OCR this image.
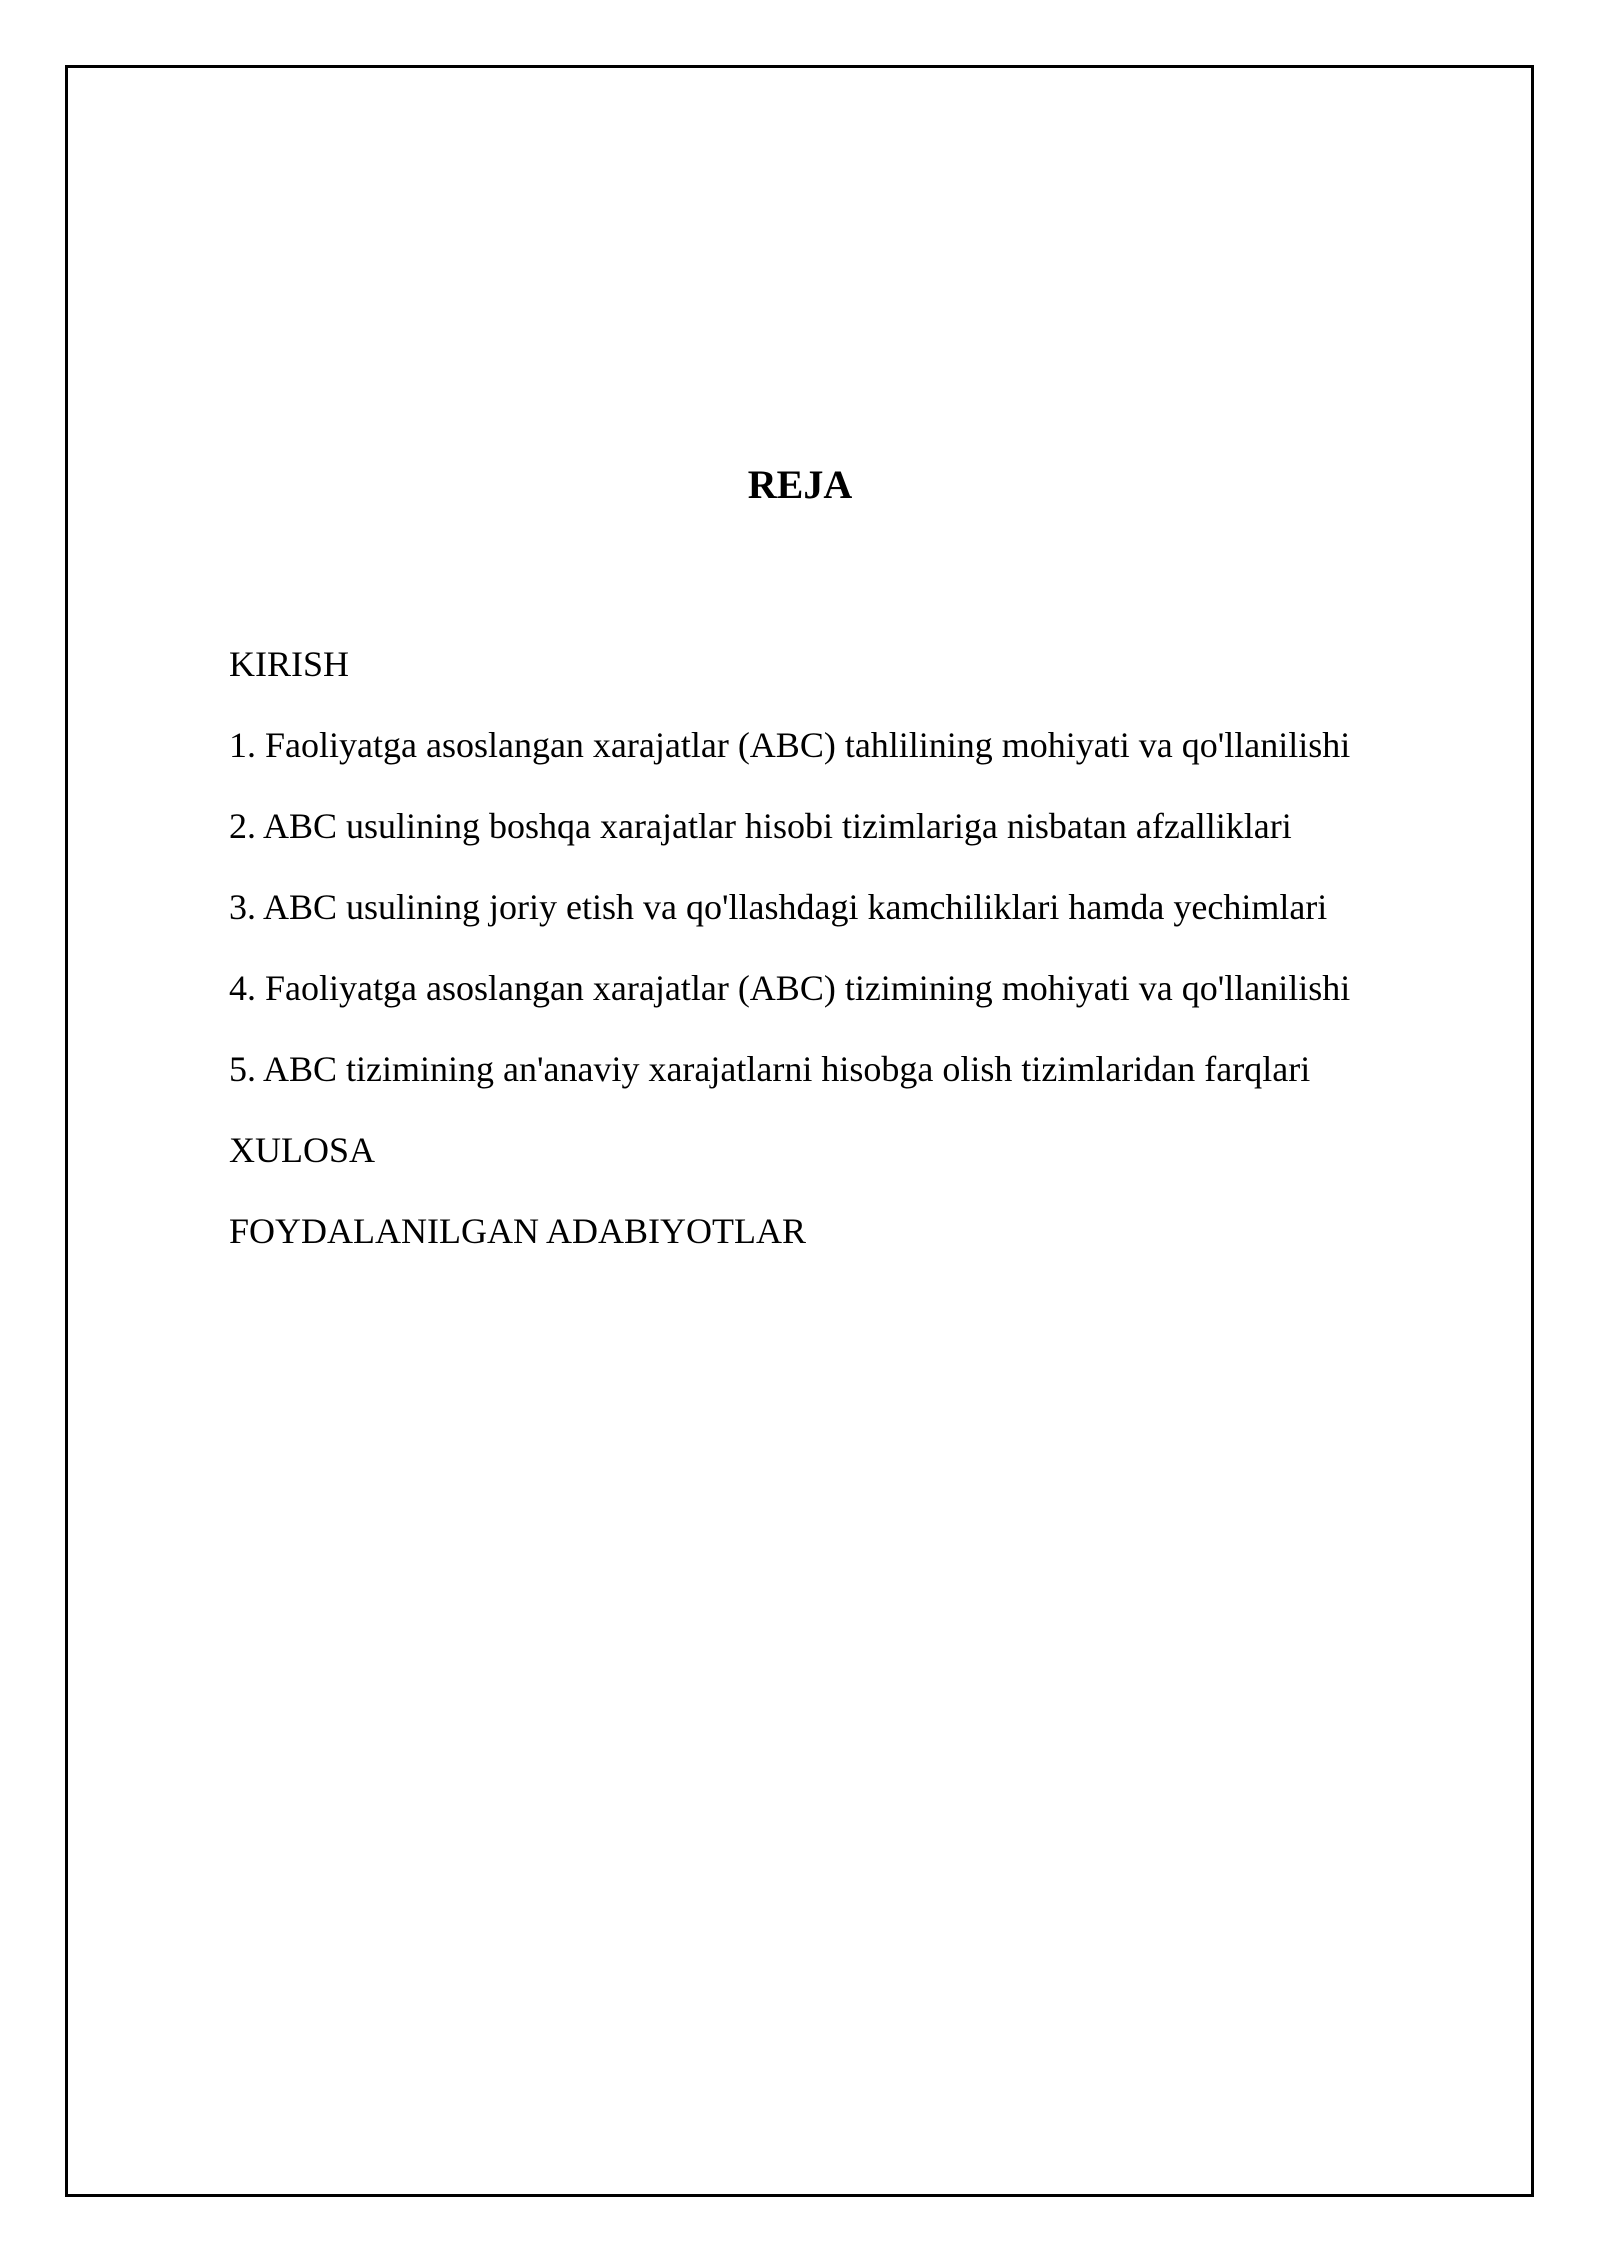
REJA
KIRISH
1. Faoliyatga asoslangan xarajatlar (ABC) tahlilining mohiyati va qo'llanilishi
2. ABC usulining boshqa xarajatlar hisobi tizimlariga nisbatan afzalliklari
3. ABC usulining joriy etish va qo'llashdagi kamchiliklari hamda yechimlari
4. Faoliyatga asoslangan xarajatlar (ABC) tizimining mohiyati va qo'llanilishi
5. ABC tizimining an'anaviy xarajatlarni hisobga olish tizimlaridan farqlari
XULOSA
FOYDALANILGAN ADABIYOTLAR
